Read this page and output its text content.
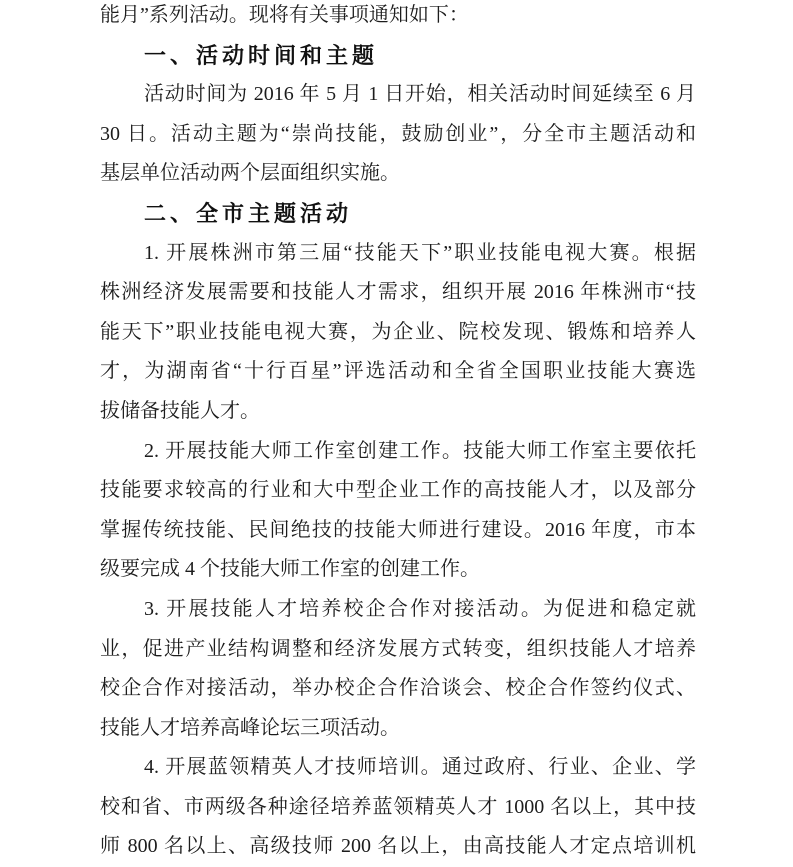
能月”系列活动。现将有关事项通知如下：
一、活动时间和主题
活动时间为 2016 年 5 月 1 日开始，相关活动时间延续至 6 月
30 日。活动主题为“崇尚技能，鼓励创业”，分全市主题活动和
基层单位活动两个层面组织实施。
二、全市主题活动
1. 开展株洲市第三届“技能天下”职业技能电视大赛。根据
株洲经济发展需要和技能人才需求，组织开展 2016 年株洲市“技
能天下”职业技能电视大赛，为企业、院校发现、锻炼和培养人
才，为湖南省“十行百星”评选活动和全省全国职业技能大赛选
拔储备技能人才。
2. 开展技能大师工作室创建工作。技能大师工作室主要依托
技能要求较高的行业和大中型企业工作的高技能人才，以及部分
掌握传统技能、民间绝技的技能大师进行建设。2016 年度，市本
级要完成 4 个技能大师工作室的创建工作。
3. 开展技能人才培养校企合作对接活动。为促进和稳定就
业，促进产业结构调整和经济发展方式转变，组织技能人才培养
校企合作对接活动，举办校企合作洽谈会、校企合作签约仪式、
技能人才培养高峰论坛三项活动。
4. 开展蓝领精英人才技师培训。通过政府、行业、企业、学
校和省、市两级各种途径培养蓝领精英人才 1000 名以上，其中技
师 800 名以上、高级技师 200 名以上，由高技能人才定点培训机
